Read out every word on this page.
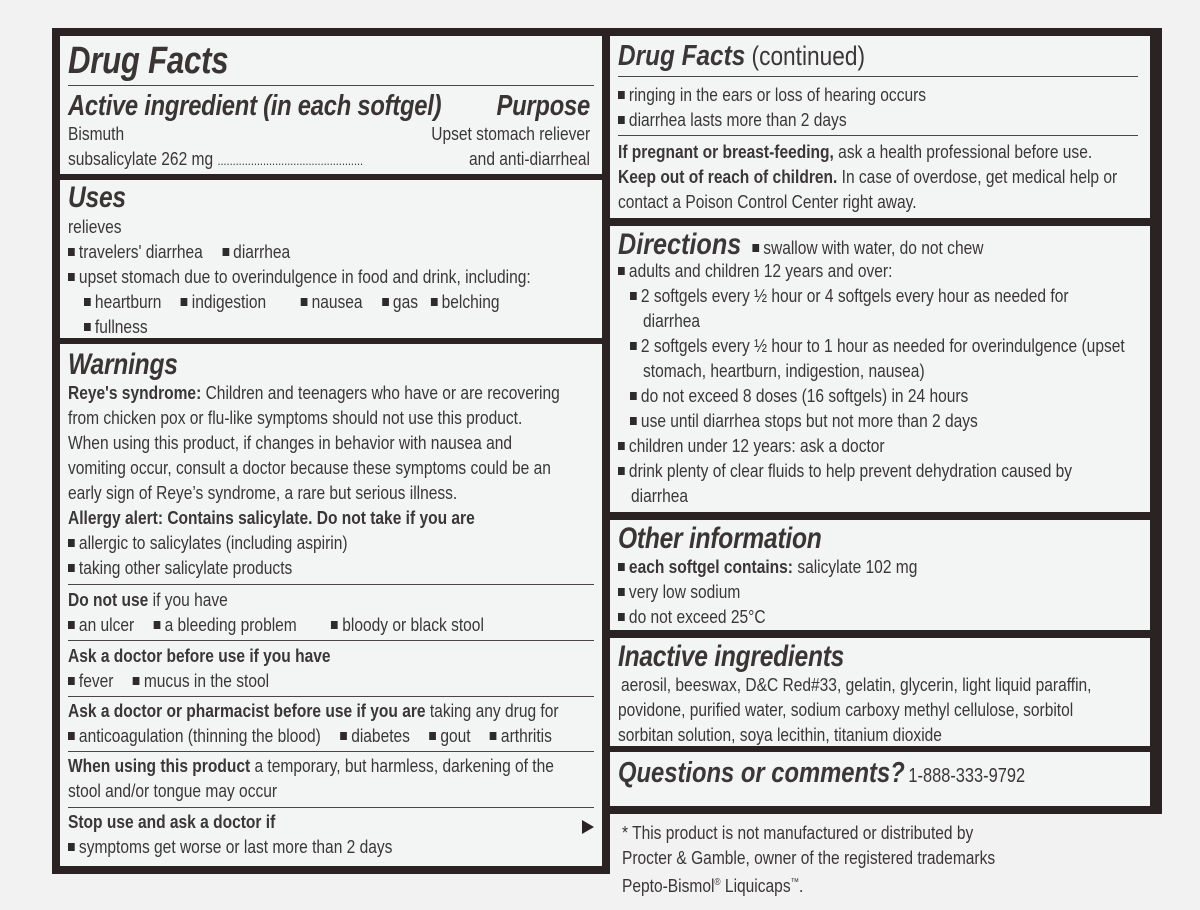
Drug Facts
Active ingredient (in each softgel)	Purpose
Bismuth
subsalicylate 262 mg ................................................
Upset stomach reliever
and anti-diarrheal
Uses
relieves
travelers' diarrhea diarrhea
upset stomach due to overindulgence in food and drink, including:
heartburn indigestion nausea gas belching
fullness
Warnings
Reye's syndrome: Children and teenagers who have or are recovering
from chicken pox or flu-like symptoms should not use this product.
When using this product, if changes in behavior with nausea and
vomiting occur, consult a doctor because these symptoms could be an
early sign of Reye’s syndrome, a rare but serious illness.
Allergy alert: Contains salicylate. Do not take if you are
allergic to salicylates (including aspirin)
taking other salicylate products
Do not use if you have
an ulcer a bleeding problem bloody or black stool
Ask a doctor before use if you have
fever mucus in the stool
Ask a doctor or pharmacist before use if you are taking any drug for
anticoagulation (thinning the blood) diabetes gout arthritis
When using this product a temporary, but harmless, darkening of the
stool and/or tongue may occur
Stop use and ask a doctor if
symptoms get worse or last more than 2 days
Drug Facts (continued)
ringing in the ears or loss of hearing occurs
diarrhea lasts more than 2 days
If pregnant or breast-feeding, ask a health professional before use.
Keep out of reach of children. In case of overdose, get medical help or
contact a Poison Control Center right away.
Directions swallow with water, do not chew
adults and children 12 years and over:
2 softgels every ½ hour or 4 softgels every hour as needed for
diarrhea
2 softgels every ½ hour to 1 hour as needed for overindulgence (upset
stomach, heartburn, indigestion, nausea)
do not exceed 8 doses (16 softgels) in 24 hours
use until diarrhea stops but not more than 2 days
children under 12 years: ask a doctor
drink plenty of clear fluids to help prevent dehydration caused by
diarrhea
Other information
each softgel contains: salicylate 102 mg
very low sodium
do not exceed 25°C
Inactive ingredients
aerosil, beeswax, D&C Red#33, gelatin, glycerin, light liquid paraffin,
povidone, purified water, sodium carboxy methyl cellulose, sorbitol
sorbitan solution, soya lecithin, titanium dioxide
Questions or comments? 1-888-333-9792
* This product is not manufactured or distributed by
Procter & Gamble, owner of the registered trademarks
Pepto-Bismol® Liquicaps™.
